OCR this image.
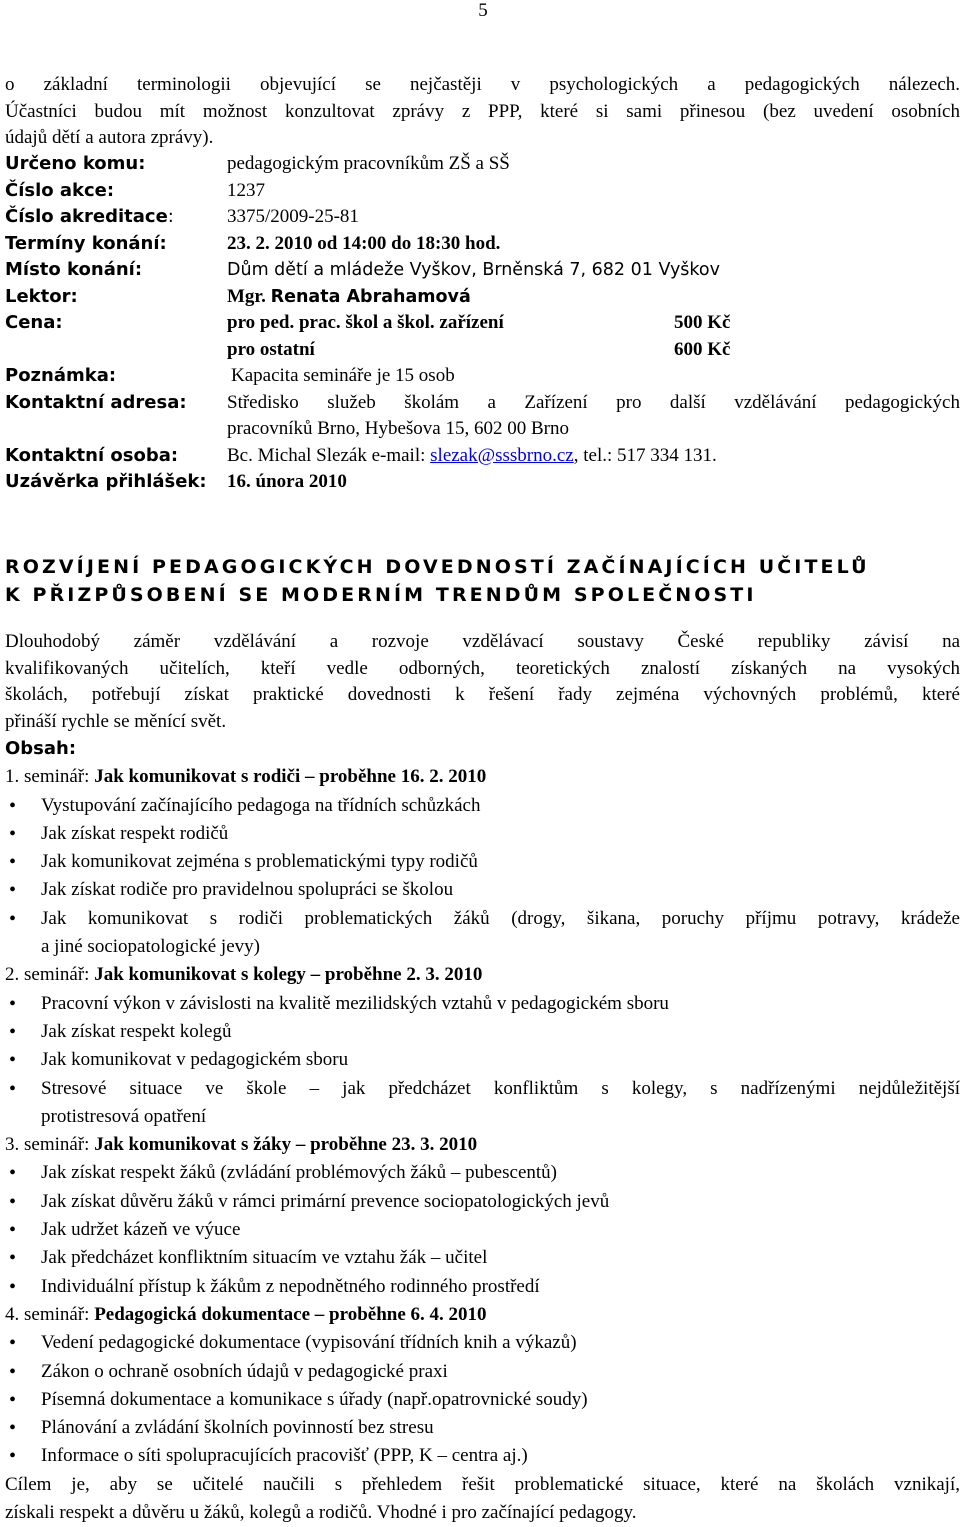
5
o základní terminologii objevující se nejčastěji v psychologických a pedagogických nálezech.
Účastníci budou mít možnost konzultovat zprávy z PPP, které si sami přinesou (bez uvedení osobních
údajů dětí a autora zprávy).
Určeno komu:	pedagogickým pracovníkům ZŠ a SŠ
Číslo akce:	1237
Číslo akreditace:	3375/2009-25-81
Termíny konání:	23. 2. 2010 od 14:00 do 18:30 hod.
Místo konání:	Dům dětí a mládeže Vyškov, Brněnská 7, 682 01 Vyškov
Lektor:	Mgr. Renata Abrahamová
Cena:	pro ped. prac. škol a škol. zařízení	500 Kč
pro ostatní	600 Kč
Poznámka:	Kapacita semináře je 15 osob
Kontaktní adresa:	Středisko služeb školám a Zařízení pro další vzdělávání pedagogických
pracovníků Brno, Hybešova 15, 602 00 Brno
Kontaktní osoba:	Bc. Michal Slezák e-mail: slezak@sssbrno.cz, tel.: 517 334 131.
Uzávěrka přihlášek:	16. února 2010
ROZVÍJENÍ PEDAGOGICKÝCH DOVEDNOSTÍ ZAČÍNAJÍCÍCH UČITELŮ
K PŘIZPŮSOBENÍ SE MODERNÍM TRENDŮM SPOLEČNOSTI
Dlouhodobý záměr vzdělávání a rozvoje vzdělávací soustavy České republiky závisí na
kvalifikovaných učitelích, kteří vedle odborných, teoretických znalostí získaných na vysokých
školách, potřebují získat praktické dovednosti k řešení řady zejména výchovných problémů, které
přináší rychle se měnící svět.
Obsah:
1. seminář: Jak komunikovat s rodiči – proběhne 16. 2. 2010
• Vystupování začínajícího pedagoga na třídních schůzkách
• Jak získat respekt rodičů
• Jak komunikovat zejména s problematickými typy rodičů
• Jak získat rodiče pro pravidelnou spolupráci se školou
• Jak komunikovat s rodiči problematických žáků (drogy, šikana, poruchy příjmu potravy, krádeže
a jiné sociopatologické jevy)
2. seminář: Jak komunikovat s kolegy – proběhne 2. 3. 2010
• Pracovní výkon v závislosti na kvalitě mezilidských vztahů v pedagogickém sboru
• Jak získat respekt kolegů
• Jak komunikovat v pedagogickém sboru
• Stresové situace ve škole – jak předcházet konfliktům s kolegy, s nadřízenými nejdůležitější
protistresová opatření
3. seminář: Jak komunikovat s žáky – proběhne 23. 3. 2010
• Jak získat respekt žáků (zvládání problémových žáků – pubescentů)
• Jak získat důvěru žáků v rámci primární prevence sociopatologických jevů
• Jak udržet kázeň ve výuce
• Jak předcházet konfliktním situacím ve vztahu žák – učitel
• Individuální přístup k žákům z nepodnětného rodinného prostředí
4. seminář: Pedagogická dokumentace – proběhne 6. 4. 2010
• Vedení pedagogické dokumentace (vypisování třídních knih a výkazů)
• Zákon o ochraně osobních údajů v pedagogické praxi
• Písemná dokumentace a komunikace s úřady (např.opatrovnické soudy)
• Plánování a zvládání školních povinností bez stresu
• Informace o síti spolupracujících pracovišť (PPP, K – centra aj.)
Cílem je, aby se učitelé naučili s přehledem řešit problematické situace, které na školách vznikají,
získali respekt a důvěru u žáků, kolegů a rodičů. Vhodné i pro začínající pedagogy.
